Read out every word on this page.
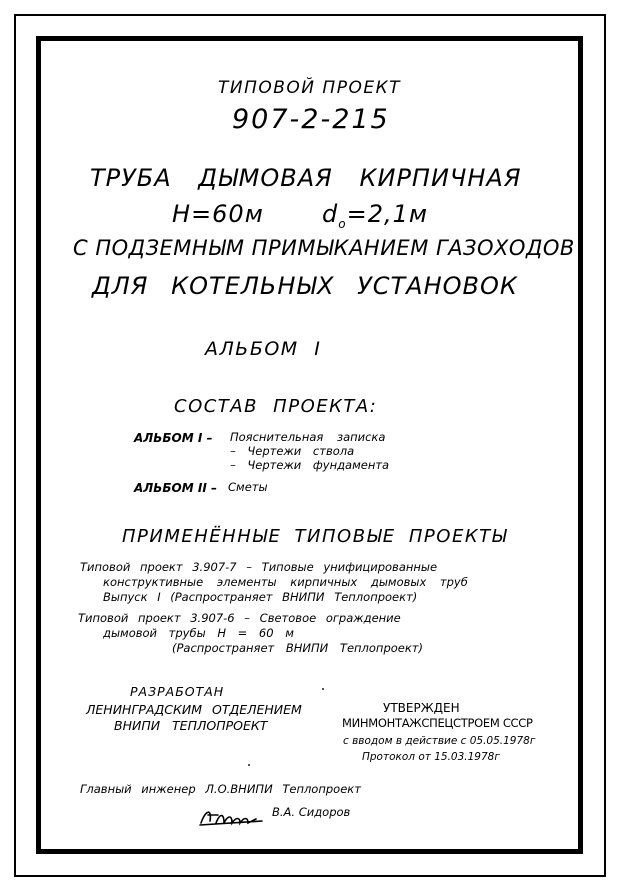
ТИПОВОЙ ПРОЕКТ
907-2-215
ТРУБА ДЫМОВАЯ КИРПИЧНАЯ
Н=60м $d_o=2,1м$
С ПОДЗЕМНЫМ ПРИМЫКАНИЕМ ГАЗОХОДОВ
ДЛЯ КОТЕЛЬНЫХ УСТАНОВОК
АЛЬБОМ I
СОСТАВ ПРОЕКТА:
АЛЬБОМ I – Пояснительная записка
– Чертежи ствола
– Чертежи фундамента
АЛЬБОМ II – Сметы
ПРИМЕНЁННЫЕ ТИПОВЫЕ ПРОЕКТЫ
Типовой проект 3.907-7 – Типовые унифицированные
конструктивные элементы кирпичных дымовых труб
Выпуск I (Распространяет ВНИПИ Теплопроект)
Типовой проект 3.907-6 – Световое ограждение
дымовой трубы Н = 60 м
(Распространяет ВНИПИ Теплопроект)
РАЗРАБОТАН
ЛЕНИНГРАДСКИМ ОТДЕЛЕНИЕМ
ВНИПИ ТЕПЛОПРОЕКТ
УТВЕРЖДЕН
МИНМОНТАЖСПЕЦСТРОЕМ СССР
с вводом в действие с 05.05.1978г
Протокол от 15.03.1978г
Главный инженер Л.О.ВНИПИ Теплопроект
В.А. Сидоров
